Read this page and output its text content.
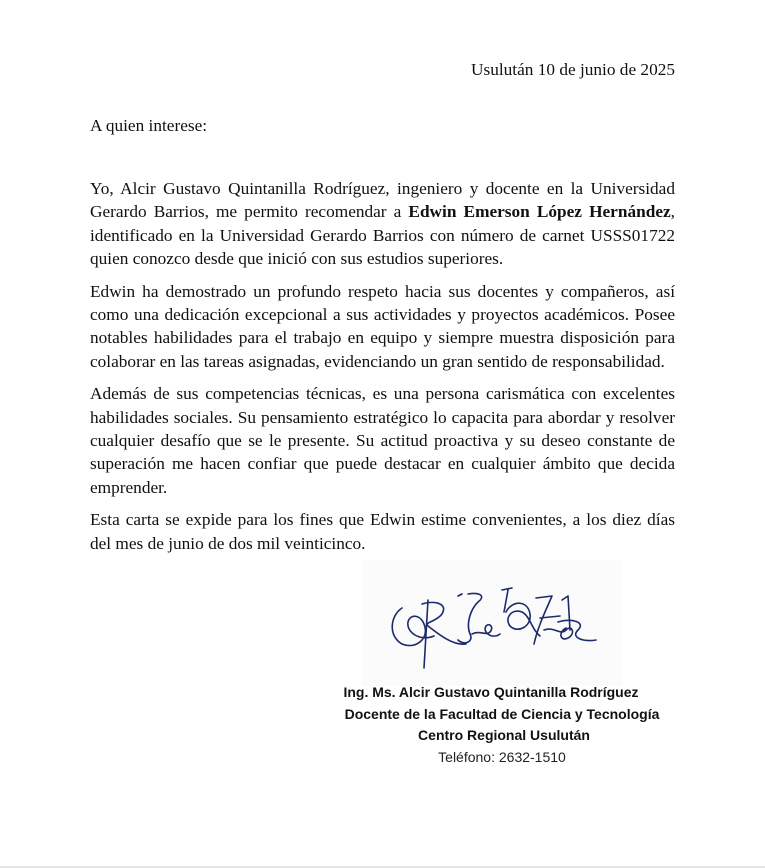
Usulután 10 de junio de 2025
A quien interese:

Yo, Alcir Gustavo Quintanilla Rodríguez, ingeniero y docente en la Universidad Gerardo Barrios, me permito recomendar a Edwin Emerson López Hernández, identificado en la Universidad Gerardo Barrios con número de carnet USSS01722 quien conozco desde que inició con sus estudios superiores.

Edwin ha demostrado un profundo respeto hacia sus docentes y compañeros, así como una dedicación excepcional a sus actividades y proyectos académicos. Posee notables habilidades para el trabajo en equipo y siempre muestra disposición para colaborar en las tareas asignadas, evidenciando un gran sentido de responsabilidad.

Además de sus competencias técnicas, es una persona carismática con excelentes habilidades sociales. Su pensamiento estratégico lo capacita para abordar y resolver cualquier desafío que se le presente. Su actitud proactiva y su deseo constante de superación me hacen confiar que puede destacar en cualquier ámbito que decida emprender.

Esta carta se expide para los fines que Edwin estime convenientes, a los diez días del mes de junio de dos mil veinticinco.

Ing. Ms. Alcir Gustavo Quintanilla Rodríguez
Docente de la Facultad de Ciencia y Tecnología
Centro Regional Usulután
Teléfono: 2632-1510
